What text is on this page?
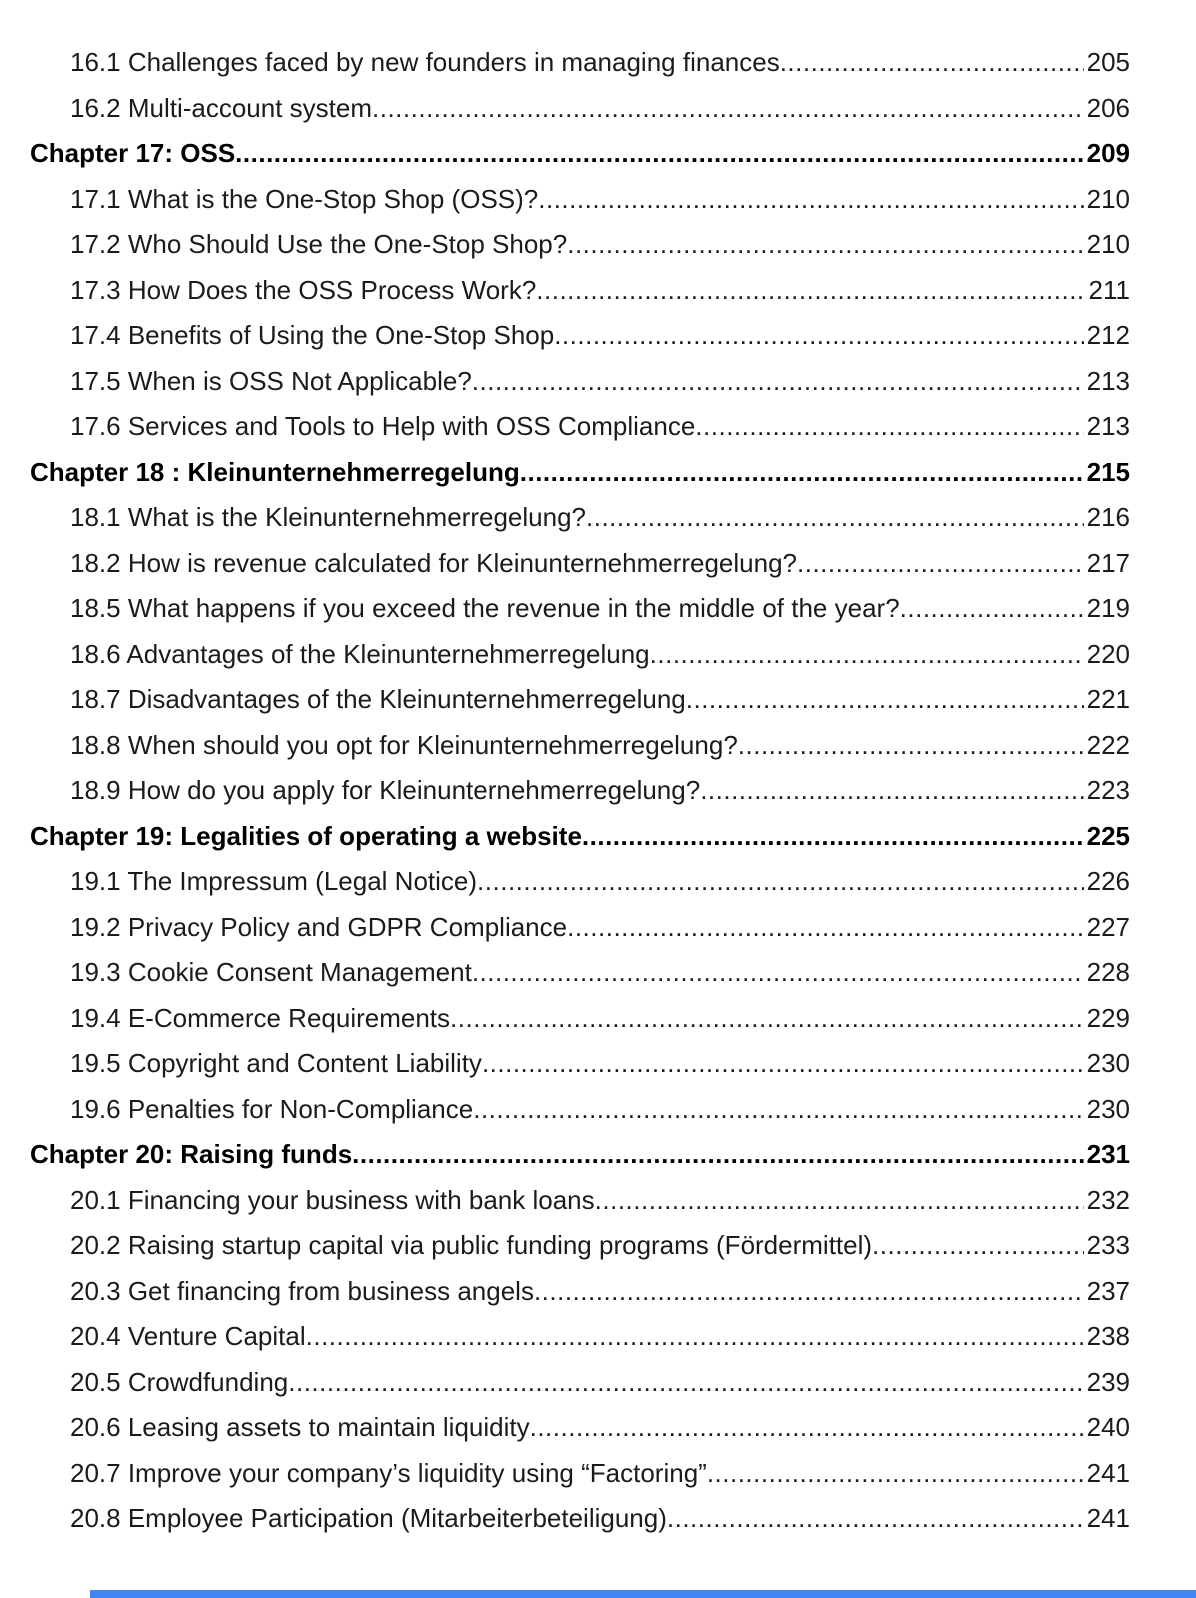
16.1 Challenges faced by new founders in managing finances .....	205
16.2 Multi-account system .....	206
Chapter 17: OSS .....	209
17.1 What is the One-Stop Shop (OSS)? .....	210
17.2 Who Should Use the One-Stop Shop? .....	210
17.3 How Does the OSS Process Work? .....	211
17.4 Benefits of Using the One-Stop Shop .....	212
17.5 When is OSS Not Applicable? .....	213
17.6 Services and Tools to Help with OSS Compliance .....	213
Chapter 18 : Kleinunternehmerregelung .....	215
18.1 What is the Kleinunternehmerregelung? .....	216
18.2 How is revenue calculated for Kleinunternehmerregelung? .....	217
18.5 What happens if you exceed the revenue in the middle of the year? .....	219
18.6 Advantages of the Kleinunternehmerregelung .....	220
18.7 Disadvantages of the Kleinunternehmerregelung .....	221
18.8 When should you opt for Kleinunternehmerregelung? .....	222
18.9 How do you apply for Kleinunternehmerregelung? .....	223
Chapter 19: Legalities of operating a website .....	225
19.1 The Impressum (Legal Notice) .....	226
19.2 Privacy Policy and GDPR Compliance .....	227
19.3 Cookie Consent Management .....	228
19.4 E-Commerce Requirements .....	229
19.5 Copyright and Content Liability .....	230
19.6 Penalties for Non-Compliance .....	230
Chapter 20: Raising funds .....	231
20.1 Financing your business with bank loans .....	232
20.2 Raising startup capital via public funding programs (Fördermittel) .....	233
20.3 Get financing from business angels .....	237
20.4 Venture Capital .....	238
20.5 Crowdfunding .....	239
20.6 Leasing assets to maintain liquidity .....	240
20.7 Improve your company’s liquidity using “Factoring” .....	241
20.8 Employee Participation (Mitarbeiterbeteiligung) .....	241
